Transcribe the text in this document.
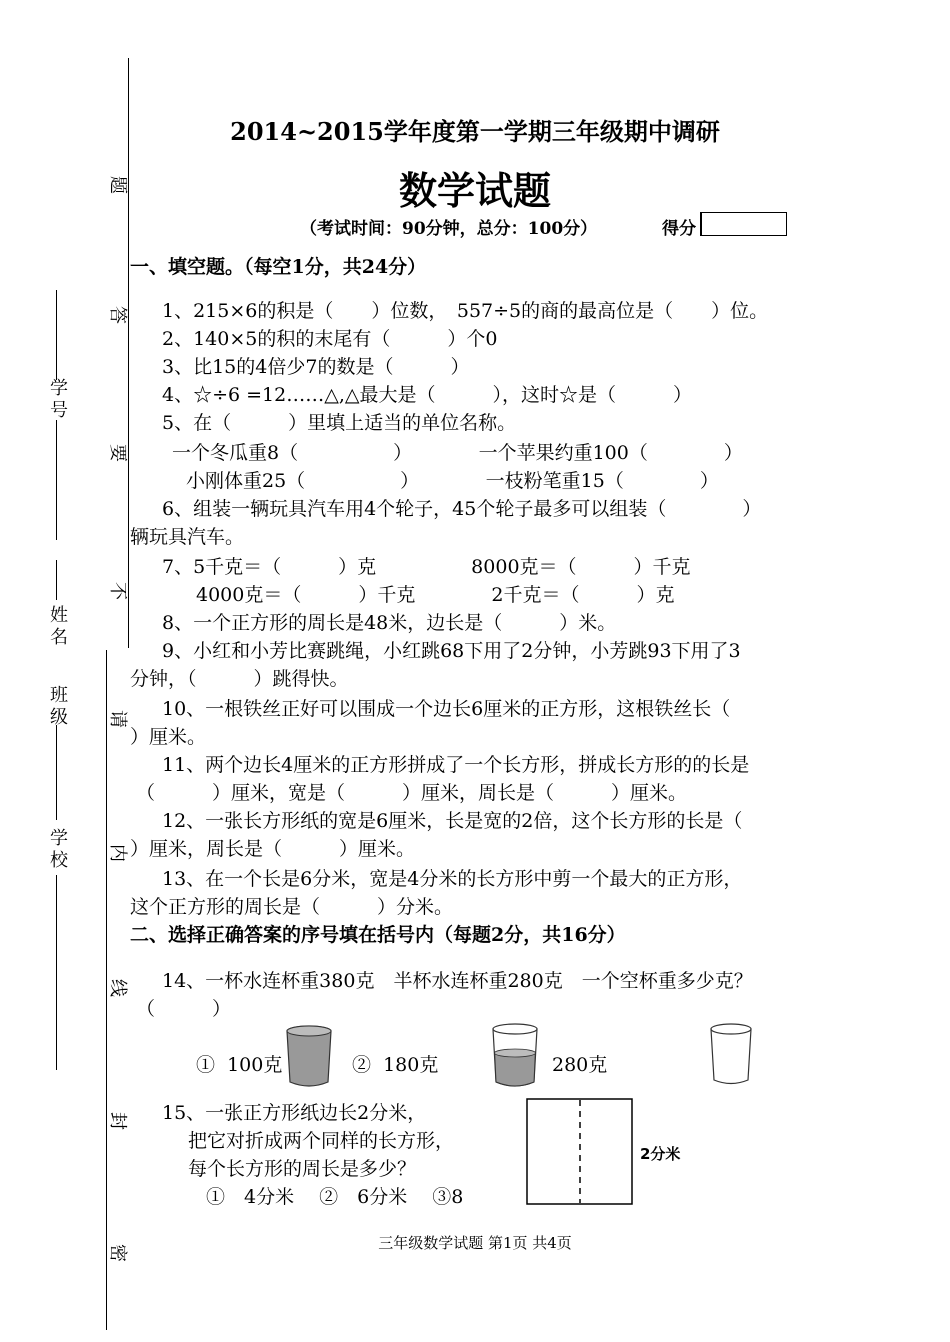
学号
姓名
班级
学校
题
答
要
不
请
内
线
封
密
2014~2015学年度第一学期三年级期中调研
数学试题
（考试时间：90分钟，总分：100分）	得分
一、填空题。（每空1分，共24分）
1、215×6的积是（　　）位数，　557÷5的商的最高位是（　　）位。
2、140×5的积的末尾有（　　　）个0
3、比15的4倍少7的数是（　　　）
4、☆÷6 =12……△,△最大是（　　　），这时☆是（　　　）
5、在（　　　）里填上适当的单位名称。
一个冬瓜重8（　　　　　）　　　　一个苹果约重100（　　　　）
小刚体重25（　　　　　）　　　　一枝粉笔重15（　　　　）
6、组装一辆玩具汽车用4个轮子，45个轮子最多可以组装（　　　　）
辆玩具汽车。
7、5千克＝（　　　）克　　　　　8000克＝（　　　）千克
4000克＝（　　　）千克　　　　2千克＝（　　　）克
8、一个正方形的周长是48米，边长是（　　　）米。
9、小红和小芳比赛跳绳，小红跳68下用了2分钟，小芳跳93下用了3
分钟，（　　　）跳得快。
10、一根铁丝正好可以围成一个边长6厘米的正方形，这根铁丝长（
）厘米。
11、两个边长4厘米的正方形拼成了一个长方形，拼成长方形的的长是
（　　　）厘米，宽是（　　　）厘米，周长是（　　　）厘米。
12、一张长方形纸的宽是6厘米，长是宽的2倍，这个长方形的长是（
）厘米，周长是（　　　）厘米。
13、在一个长是6分米，宽是4分米的长方形中剪一个最大的正方形，
这个正方形的周长是（　　　）分米。
二、选择正确答案的序号填在括号内（每题2分，共16分）
14、一杯水连杯重380克　半杯水连杯重280克　一个空杯重多少克？
（　　　）
①  100克	②  180克	280克
15、一张正方形纸边长2分米，
把它对折成两个同样的长方形，
每个长方形的周长是多少？
①　4分米　 ②　6分米　 ③8
2分米
三年级数学试题 第1页 共4页
